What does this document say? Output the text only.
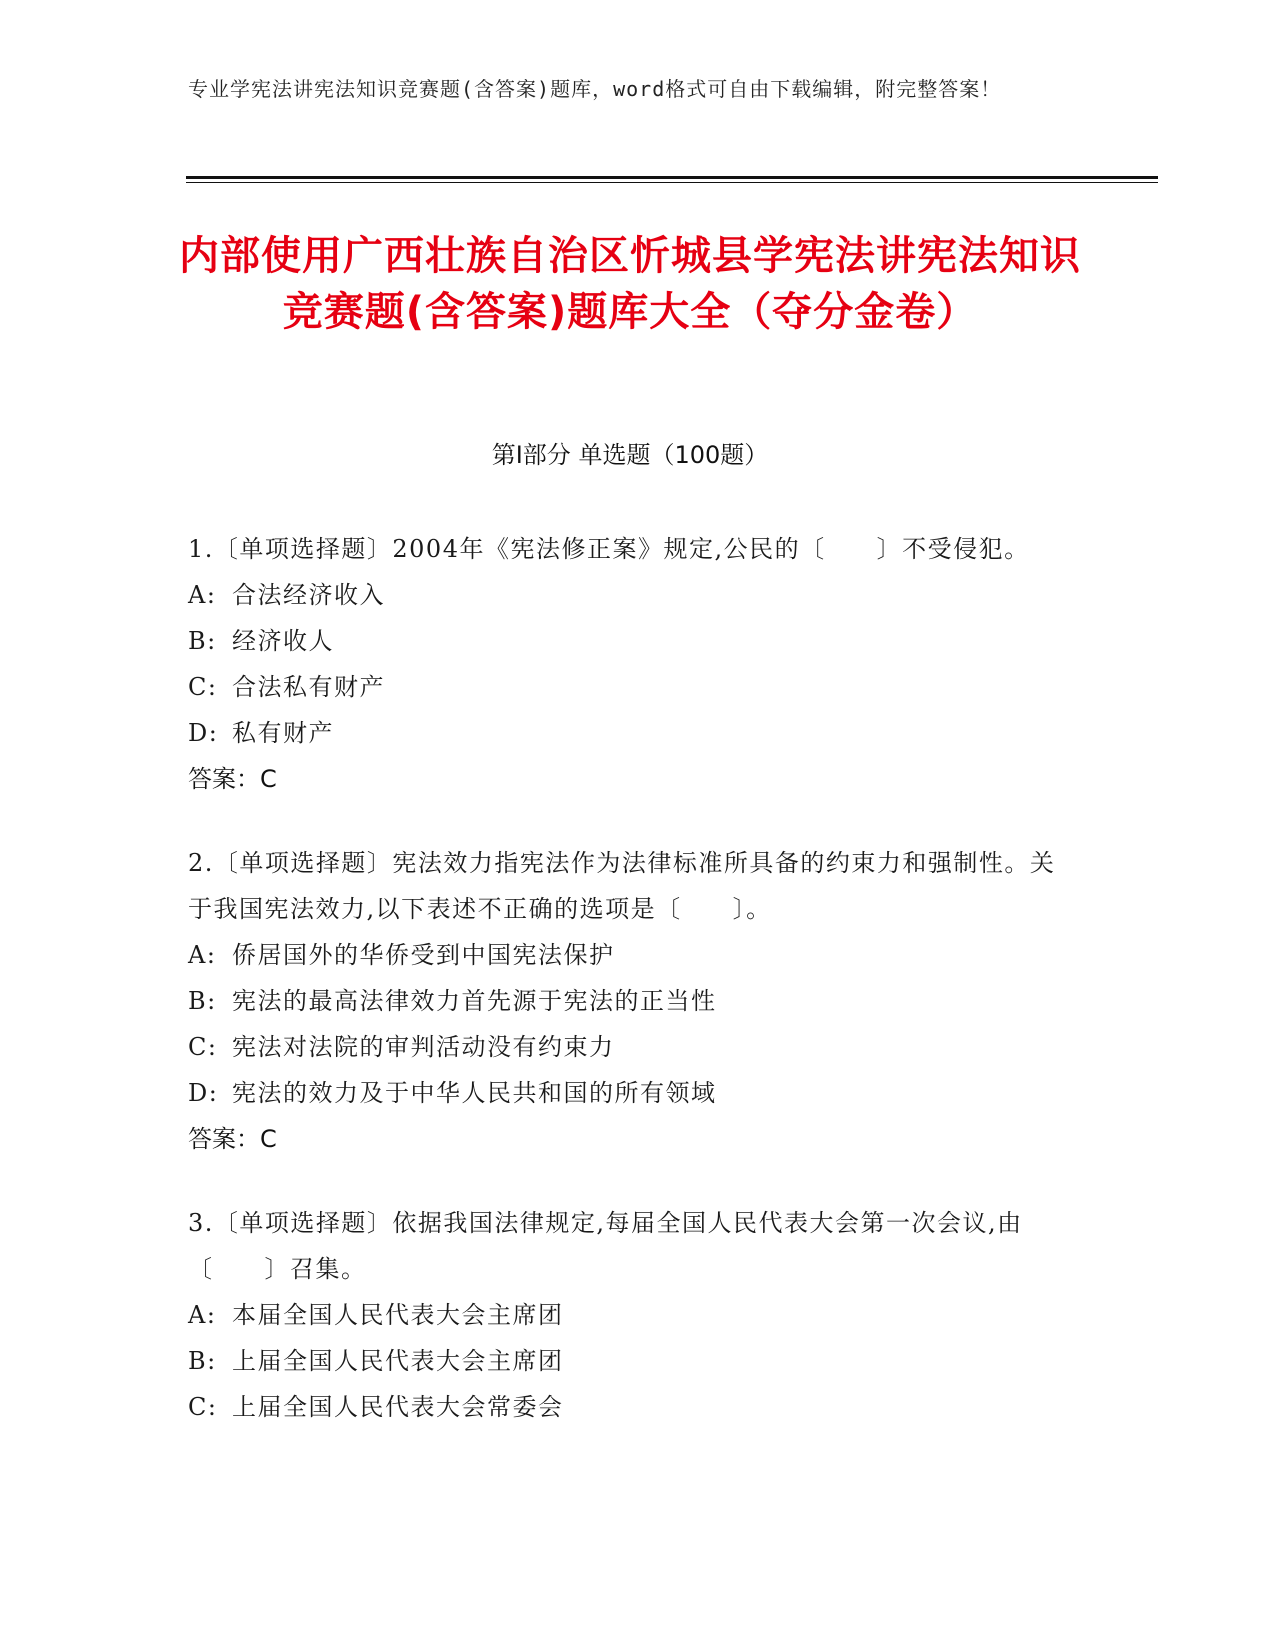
专业学宪法讲宪法知识竞赛题(含答案)题库，word格式可自由下载编辑，附完整答案！
内部使用广西壮族自治区忻城县学宪法讲宪法知识竞赛题(含答案)题库大全（夺分金卷）
第Ⅰ部分 单选题（100题）
1.〔单项选择题〕2004年《宪法修正案》规定,公民的〔　　〕不受侵犯。
A: 合法经济收入
B: 经济收人
C: 合法私有财产
D: 私有财产
答案：C
2.〔单项选择题〕宪法效力指宪法作为法律标准所具备的约束力和强制性。关于我国宪法效力,以下表述不正确的选项是〔　　〕。
A: 侨居国外的华侨受到中国宪法保护
B: 宪法的最高法律效力首先源于宪法的正当性
C: 宪法对法院的审判活动没有约束力
D: 宪法的效力及于中华人民共和国的所有领域
答案：C
3.〔单项选择题〕依据我国法律规定,每届全国人民代表大会第一次会议,由〔　　〕召集。
A: 本届全国人民代表大会主席团
B: 上届全国人民代表大会主席团
C: 上届全国人民代表大会常委会
